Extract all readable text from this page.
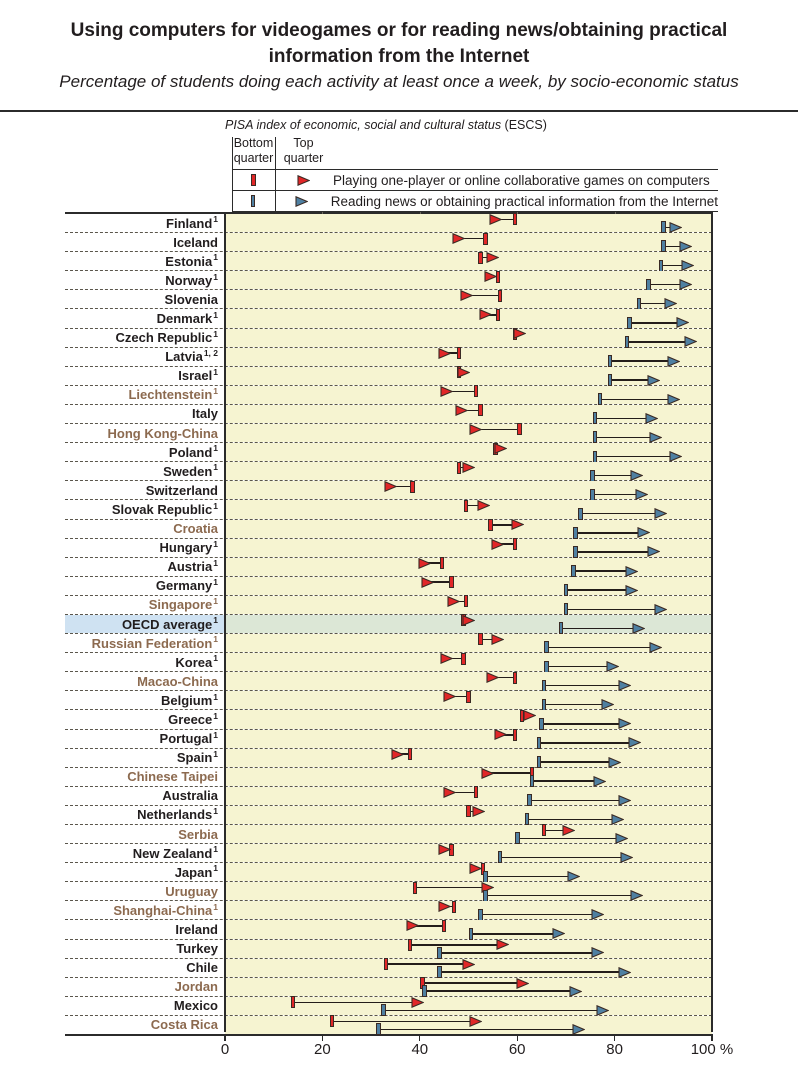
Using computers for videogames or for reading news/obtaining practical
information from the Internet
Percentage of students doing each activity at least once a week, by socio-economic status
PISA index of economic, social and cultural status (ESCS)
Bottom quarter
Top quarter
Playing one-player or online collaborative games on computers
Reading news or obtaining practical information from the Internet
Finland$^1$
Iceland
Estonia$^1$
Norway$^1$
Slovenia
Denmark$^1$
Czech Republic$^1$
Latvia$^{1, 2}$
Israel$^1$
Liechtenstein$^1$
Italy
Hong Kong-China
Poland$^1$
Sweden$^1$
Switzerland
Slovak Republic$^1$
Croatia
Hungary$^1$
Austria$^1$
Germany$^1$
Singapore$^1$
OECD average$^1$
Russian Federation$^1$
Korea$^1$
Macao-China
Belgium$^1$
Greece$^1$
Portugal$^1$
Spain$^1$
Chinese Taipei
Australia
Netherlands$^1$
Serbia
New Zealand$^1$
Japan$^1$
Uruguay
Shanghai-China$^1$
Ireland
Turkey
Chile
Jordan
Mexico
Costa Rica
0	20	40	60	80	100 %
